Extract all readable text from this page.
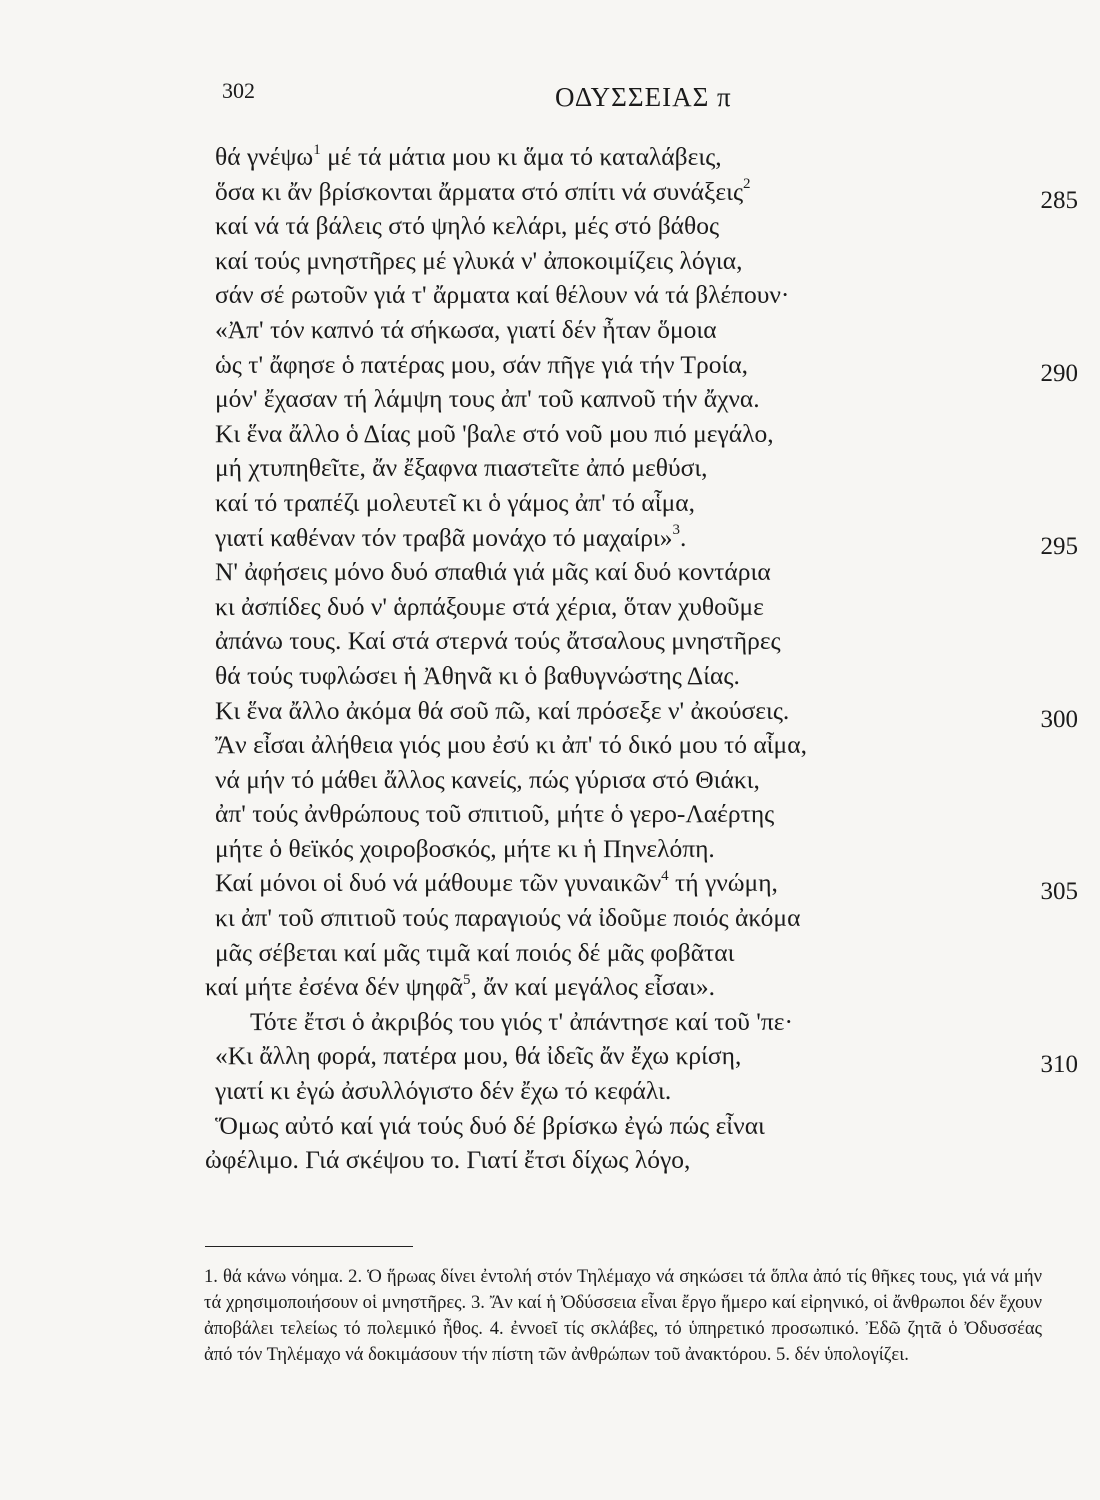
302	ΟΔΥΣΣΕΙΑΣ π
θά γνέψω$^1$ μέ τά μάτια μου κι ἅμα τό καταλάβεις,
ὅσα κι ἄν βρίσκονται ἄρματα στό σπίτι νά συνάξεις$^2$
285
καί νά τά βάλεις στό ψηλό κελάρι, μές στό βάθος
καί τούς μνηστῆρες μέ γλυκά ν' ἀποκοιμίζεις λόγια,
σάν σέ ρωτοῦν γιά τ' ἄρματα καί θέλουν νά τά βλέπουν·
«Ἀπ' τόν καπνό τά σήκωσα, γιατί δέν ἦταν ὅμοια
ὡς τ' ἄφησε ὁ πατέρας μου, σάν πῆγε γιά τήν Τροία,	290
μόν' ἔχασαν τή λάμψη τους ἀπ' τοῦ καπνοῦ τήν ἄχνα.
Κι ἕνα ἄλλο ὁ Δίας μοῦ 'βαλε στό νοῦ μου πιό μεγάλο,
μή χτυπηθεῖτε, ἄν ἔξαφνα πιαστεῖτε ἀπό μεθύσι,
καί τό τραπέζι μολευτεῖ κι ὁ γάμος ἀπ' τό αἷμα,
γιατί καθέναν τόν τραβᾶ μονάχο τό μαχαίρι»$^3$.	295
Ν' ἀφήσεις μόνο δυό σπαθιά γιά μᾶς καί δυό κοντάρια
κι ἀσπίδες δυό ν' ἁρπάξουμε στά χέρια, ὅταν χυθοῦμε
ἀπάνω τους. Καί στά στερνά τούς ἄτσαλους μνηστῆρες
θά τούς τυφλώσει ἡ Ἀθηνᾶ κι ὁ βαθυγνώστης Δίας.
Κι ἕνα ἄλλο ἀκόμα θά σοῦ πῶ, καί πρόσεξε ν' ἀκούσεις.	300
Ἄν εἶσαι ἀλήθεια γιός μου ἐσύ κι ἀπ' τό δικό μου τό αἷμα,
νά μήν τό μάθει ἄλλος κανείς, πώς γύρισα στό Θιάκι,
ἀπ' τούς ἀνθρώπους τοῦ σπιτιοῦ, μήτε ὁ γερο-Λαέρτης
μήτε ὁ θεϊκός χοιροβοσκός, μήτε κι ἡ Πηνελόπη.
Καί μόνοι οἱ δυό νά μάθουμε τῶν γυναικῶν$^4$ τή γνώμη,	305
κι ἀπ' τοῦ σπιτιοῦ τούς παραγιούς νά ἰδοῦμε ποιός ἀκόμα
μᾶς σέβεται καί μᾶς τιμᾶ καί ποιός δέ μᾶς φοβᾶται
καί μήτε ἐσένα δέν ψηφᾶ$^5$, ἄν καί μεγάλος εἶσαι».
Τότε ἔτσι ὁ ἀκριβός του γιός τ' ἀπάντησε καί τοῦ 'πε·
«Κι ἄλλη φορά, πατέρα μου, θά ἰδεῖς ἄν ἔχω κρίση,	310
γιατί κι ἐγώ ἀσυλλόγιστο δέν ἔχω τό κεφάλι.
Ὅμως αὐτό καί γιά τούς δυό δέ βρίσκω ἐγώ πώς εἶναι
ὠφέλιμο. Γιά σκέψου το. Γιατί ἔτσι δίχως λόγο,
1. θά κάνω νόημα. 2. Ὁ ἥρωας δίνει ἐντολή στόν Τηλέμαχο νά σηκώσει τά ὅπλα ἀπό τίς θῆκες τους, γιά νά μήν τά χρησιμοποιήσουν οἱ μνηστῆρες. 3. Ἄν καί ἡ Ὀδύσσεια εἶναι ἔργο ἥμερο καί εἰρηνικό, οἱ ἄνθρωποι δέν ἔχουν ἀποβάλει τελείως τό πολεμικό ἦθος. 4. ἐννοεῖ τίς σκλάβες, τό ὑπηρετικό προσωπικό. Ἐδῶ ζητᾶ ὁ Ὀδυσσέας ἀπό τόν Τηλέμαχο νά δοκιμάσουν τήν πίστη τῶν ἀνθρώπων τοῦ ἀνακτόρου. 5. δέν ὑπολογίζει.
